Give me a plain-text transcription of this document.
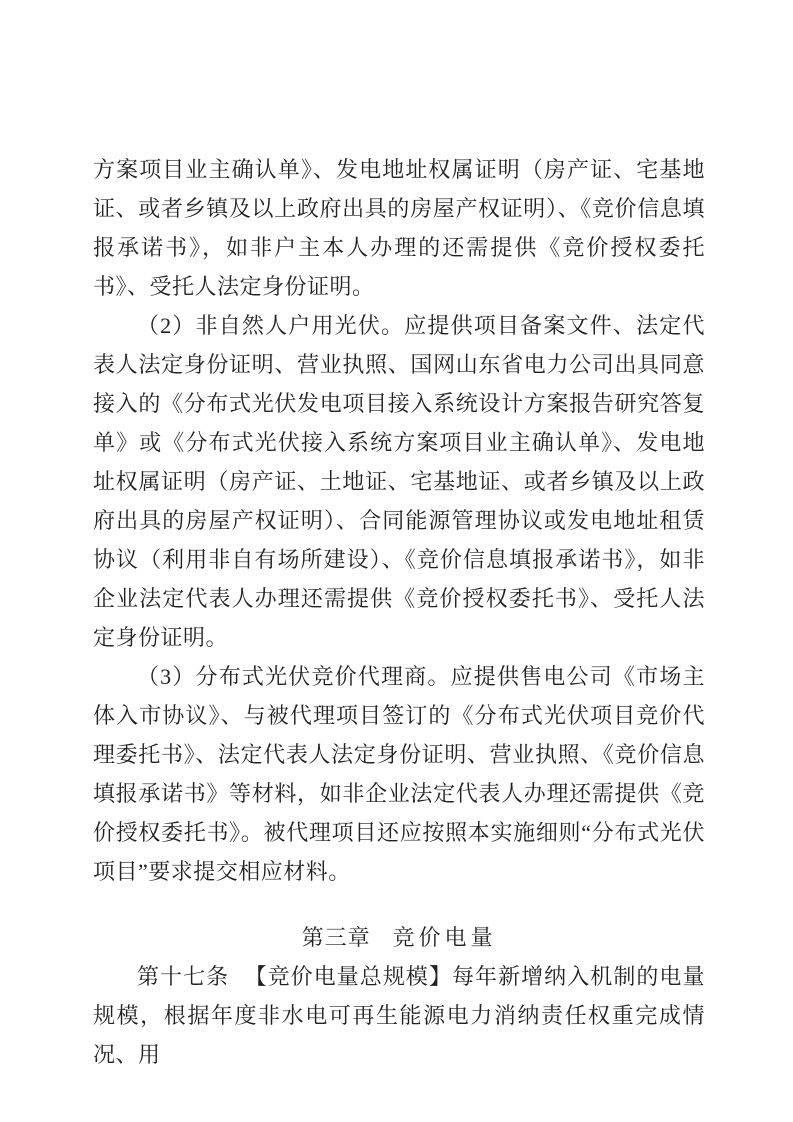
方案项目业主确认单》、发电地址权属证明（房产证、宅基地证、或者乡镇及以上政府出具的房屋产权证明）、《竞价信息填报承诺书》，如非户主本人办理的还需提供《竞价授权委托书》、受托人法定身份证明。

（2）非自然人户用光伏。应提供项目备案文件、法定代表人法定身份证明、营业执照、国网山东省电力公司出具同意接入的《分布式光伏发电项目接入系统设计方案报告研究答复单》或《分布式光伏接入系统方案项目业主确认单》、发电地址权属证明（房产证、土地证、宅基地证、或者乡镇及以上政府出具的房屋产权证明）、合同能源管理协议或发电地址租赁协议（利用非自有场所建设）、《竞价信息填报承诺书》，如非企业法定代表人办理还需提供《竞价授权委托书》、受托人法定身份证明。

（3）分布式光伏竞价代理商。应提供售电公司《市场主体入市协议》、与被代理项目签订的《分布式光伏项目竞价代理委托书》、法定代表人法定身份证明、营业执照、《竞价信息填报承诺书》等材料，如非企业法定代表人办理还需提供《竞价授权委托书》。被代理项目还应按照本实施细则“分布式光伏项目”要求提交相应材料。

第三章 竞价电量

第十七条 【竞价电量总规模】每年新增纳入机制的电量规模，根据年度非水电可再生能源电力消纳责任权重完成情况、用
